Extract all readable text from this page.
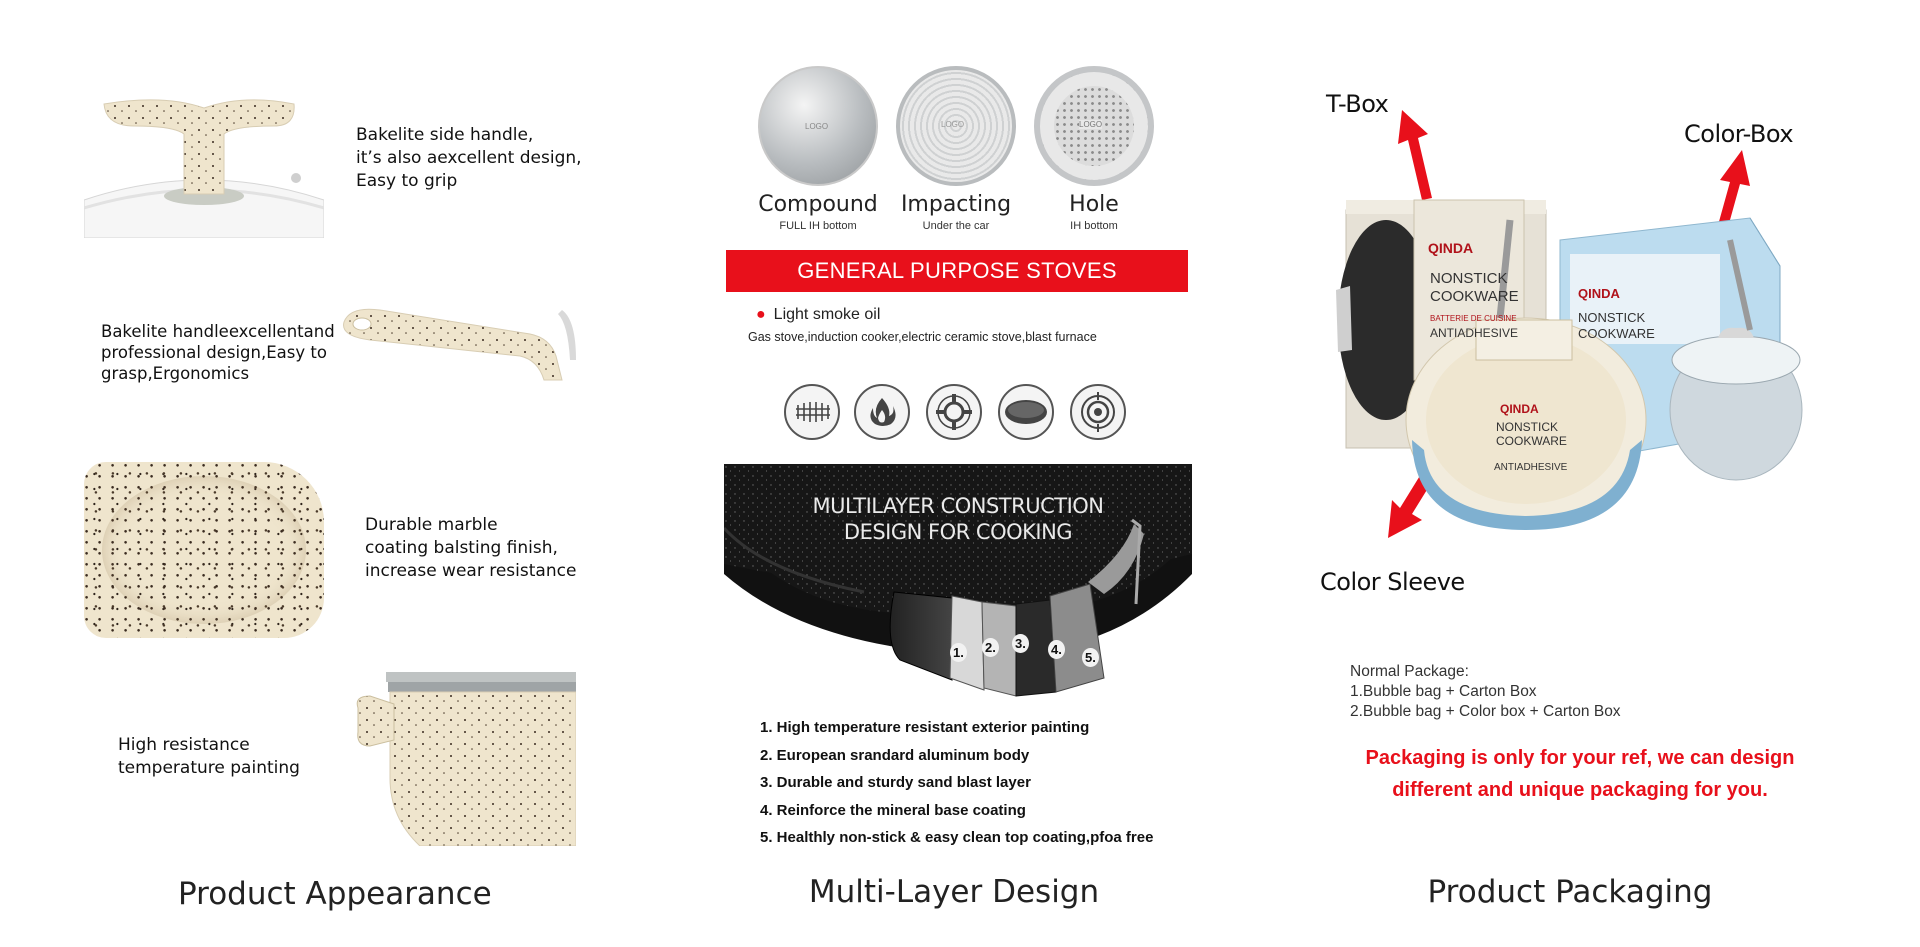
Bakelite side handle,
it’s also aexcellent design,
Easy to grip
Bakelite handleexcellentand
professional design,Easy to
grasp,Ergonomics
Durable marble
coating balsting finish,
increase wear resistance
High resistance
temperature painting
Product Appearance
LOGO	LOGO	LOGO
Compound Impacting	Hole
FULL IH bottom	Under the car	IH bottom
GENERAL PURPOSE STOVES
● Light smoke oil
Gas stove,induction cooker,electric ceramic stove,blast furnace
MULTILAYER CONSTRUCTION
DESIGN FOR COOKING
1. 2. 3. 4.
5.
1. High temperature resistant exterior painting
2. European srandard aluminum body
3. Durable and sturdy sand blast layer
4. Reinforce the mineral base coating
5. Healthly non-stick & easy clean top coating,pfoa free
Multi-Layer Design
QINDA
NONSTICK
COOKWARE
BATTERIE DE CUISINE
ANTIADHESIVE
QINDA
NONSTICK
COOKWARE
QINDA
NONSTICK
COOKWARE
ANTIADHESIVE
T-Box
Color-Box
Color Sleeve
Normal Package:
1.Bubble bag + Carton Box
2.Bubble bag + Color box + Carton Box
Packaging is only for your ref, we can design different and unique packaging for you.
Product Packaging
